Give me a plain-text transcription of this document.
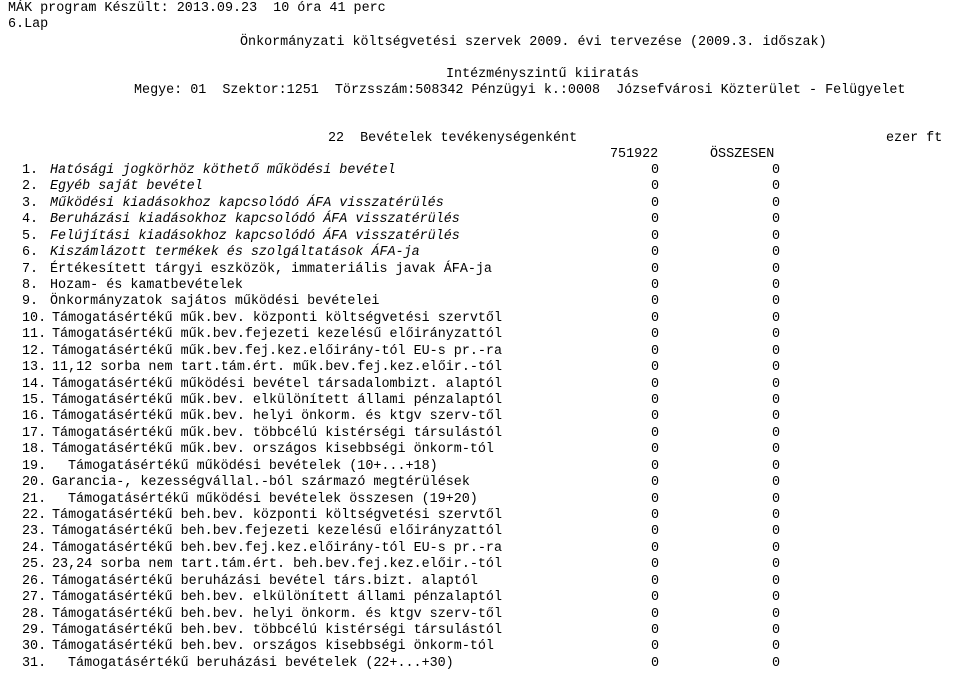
MÁK program Készült: 2013.09.23  10 óra 41 perc
6.Lap
Önkormányzati költségvetési szervek 2009. évi tervezése (2009.3. időszak)
Intézményszintű kiiratás
Megye: 01  Szektor:1251  Törzsszám:508342 Pénzügyi k.:0008  Józsefvárosi Közterület - Felügyelet
22  Bevételek tevékenységenként	ezer ft
751922	ÖSSZESEN
1. Hatósági jogkörhöz köthető működési bevétel	0	0
2. Egyéb saját bevétel	0	0
3. Működési kiadásokhoz kapcsolódó ÁFA visszatérülés	0	0
4. Beruházási kiadásokhoz kapcsolódó ÁFA visszatérülés	0	0
5. Felújítási kiadásokhoz kapcsolódó ÁFA visszatérülés	0	0
6. Kiszámlázott termékek és szolgáltatások ÁFA-ja	0	0
7. Értékesített tárgyi eszközök, immateriális javak ÁFA-ja	0	0
8. Hozam- és kamatbevételek	0	0
9. Önkormányzatok sajátos működési bevételei	0	0
10. Támogatásértékű műk.bev. központi költségvetési szervtől	0	0
11. Támogatásértékű műk.bev.fejezeti kezelésű előirányzattól	0	0
12. Támogatásértékű műk.bev.fej.kez.előirány-tól EU-s pr.-ra	0	0
13. 11,12 sorba nem tart.tám.ért. műk.bev.fej.kez.előir.-tól	0	0
14. Támogatásértékű működési bevétel társadalombizt. alaptól	0	0
15. Támogatásértékű műk.bev. elkülönített állami pénzalaptól	0	0
16. Támogatásértékű műk.bev. helyi önkorm. és ktgv szerv-től	0	0
17. Támogatásértékű műk.bev. többcélú kistérségi társulástól	0	0
18. Támogatásértékű műk.bev. országos kisebbségi önkorm-tól	0	0
19. Támogatásértékű működési bevételek (10+...+18)	0	0
20. Garancia-, kezességvállal.-ból származó megtérülések	0	0
21. Támogatásértékű működési bevételek összesen (19+20)	0	0
22. Támogatásértékű beh.bev. központi költségvetési szervtől	0	0
23. Támogatásértékű beh.bev.fejezeti kezelésű előirányzattól	0	0
24. Támogatásértékű beh.bev.fej.kez.előirány-tól EU-s pr.-ra	0	0
25. 23,24 sorba nem tart.tám.ért. beh.bev.fej.kez.előir.-tól	0	0
26. Támogatásértékű beruházási bevétel társ.bizt. alaptól	0	0
27. Támogatásértékű beh.bev. elkülönített állami pénzalaptól	0	0
28. Támogatásértékű beh.bev. helyi önkorm. és ktgv szerv-től	0	0
29. Támogatásértékű beh.bev. többcélú kistérségi társulástól	0	0
30. Támogatásértékű beh.bev. országos kisebbségi önkorm-tól	0	0
31. Támogatásértékű beruházási bevételek (22+...+30)	0	0
